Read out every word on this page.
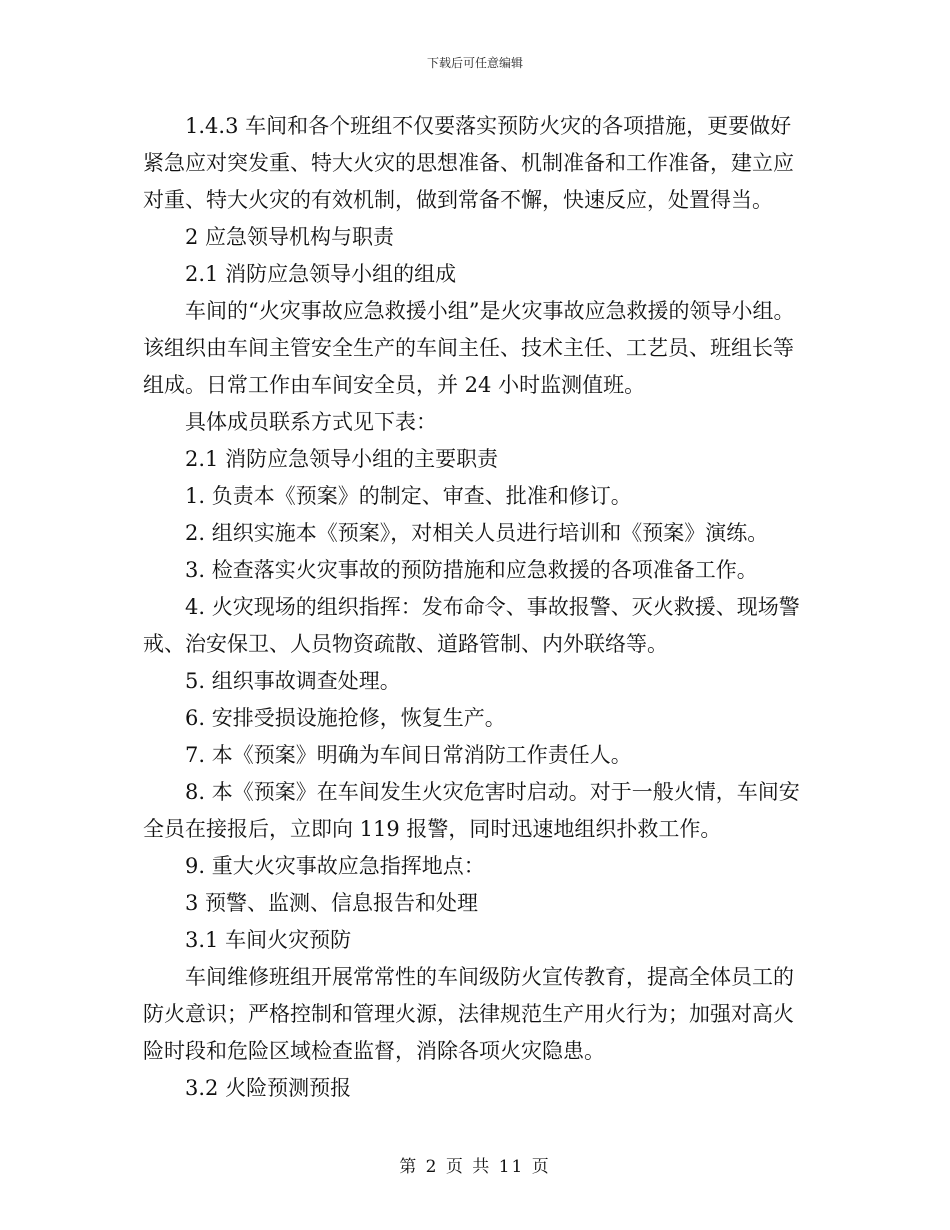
下载后可任意编辑

1.4.3 车间和各个班组不仅要落实预防火灾的各项措施，更要做好紧急应对突发重、特大火灾的思想准备、机制准备和工作准备，建立应对重、特大火灾的有效机制，做到常备不懈，快速反应，处置得当。

2 应急领导机构与职责

2.1 消防应急领导小组的组成

车间的“火灾事故应急救援小组”是火灾事故应急救援的领导小组。该组织由车间主管安全生产的车间主任、技术主任、工艺员、班组长等组成。日常工作由车间安全员，并 24 小时监测值班。

具体成员联系方式见下表：

2.1 消防应急领导小组的主要职责

1. 负责本《预案》的制定、审查、批准和修订。

2. 组织实施本《预案》，对相关人员进行培训和《预案》演练。

3. 检查落实火灾事故的预防措施和应急救援的各项准备工作。

4. 火灾现场的组织指挥：发布命令、事故报警、灭火救援、现场警戒、治安保卫、人员物资疏散、道路管制、内外联络等。

5. 组织事故调查处理。

6. 安排受损设施抢修，恢复生产。

7. 本《预案》明确为车间日常消防工作责任人。

8. 本《预案》在车间发生火灾危害时启动。对于一般火情，车间安全员在接报后，立即向 119 报警，同时迅速地组织扑救工作。

9. 重大火灾事故应急指挥地点：

3 预警、监测、信息报告和处理

3.1 车间火灾预防

车间维修班组开展常常性的车间级防火宣传教育，提高全体员工的防火意识；严格控制和管理火源，法律规范生产用火行为；加强对高火险时段和危险区域检查监督，消除各项火灾隐患。

3.2 火险预测预报

第 2 页 共 11 页
